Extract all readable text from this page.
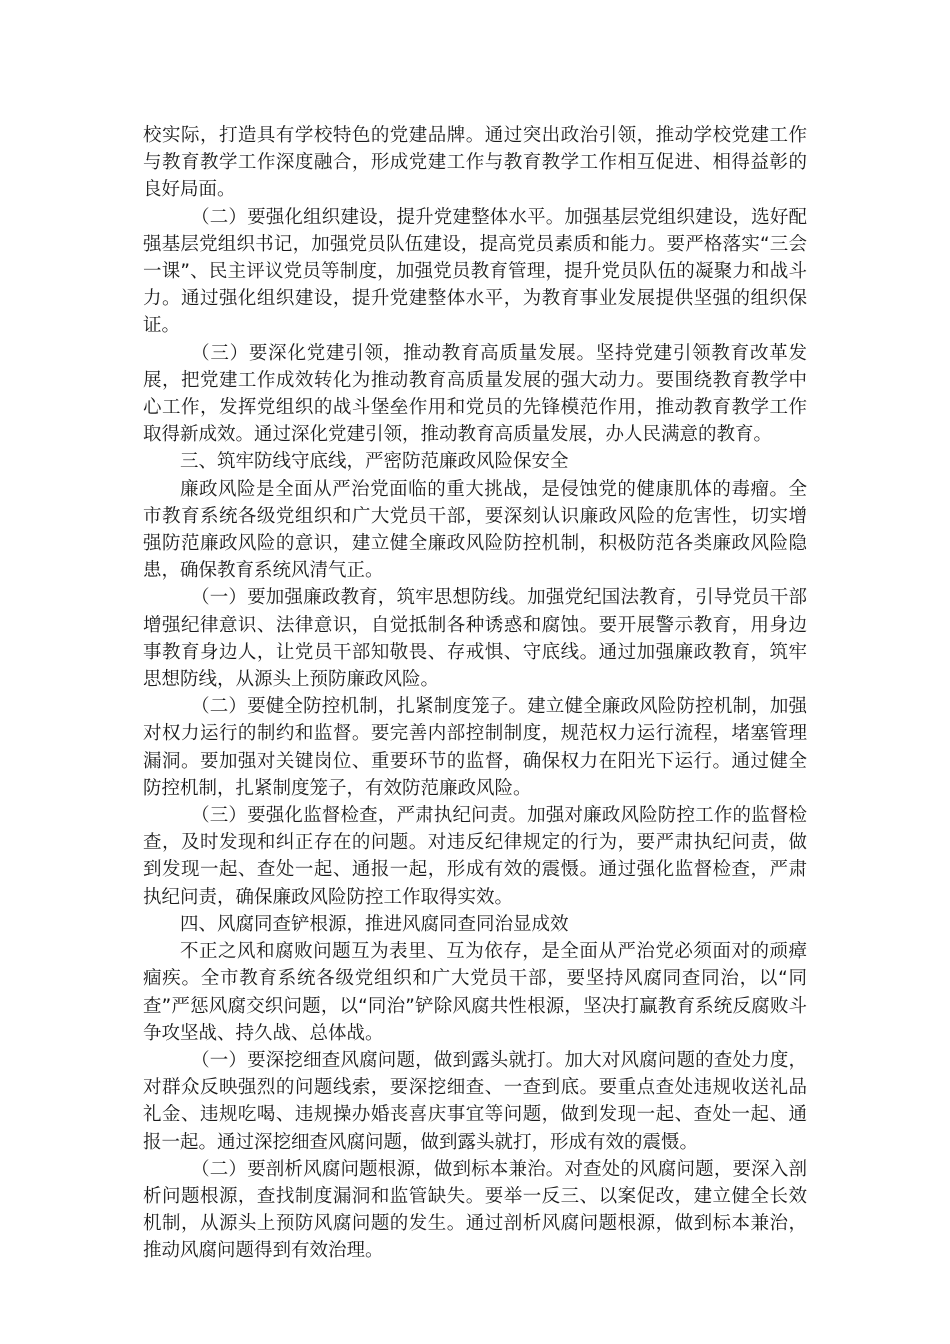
校实际，打造具有学校特色的党建品牌。通过突出政治引领，推动学校党建工作与教育教学工作深度融合，形成党建工作与教育教学工作相互促进、相得益彰的良好局面。

（二）要强化组织建设，提升党建整体水平。加强基层党组织建设，选好配强基层党组织书记，加强党员队伍建设，提高党员素质和能力。要严格落实“三会一课”、民主评议党员等制度，加强党员教育管理，提升党员队伍的凝聚力和战斗力。通过强化组织建设，提升党建整体水平，为教育事业发展提供坚强的组织保证。

（三）要深化党建引领，推动教育高质量发展。坚持党建引领教育改革发展，把党建工作成效转化为推动教育高质量发展的强大动力。要围绕教育教学中心工作，发挥党组织的战斗堡垒作用和党员的先锋模范作用，推动教育教学工作取得新成效。通过深化党建引领，推动教育高质量发展，办人民满意的教育。

三、筑牢防线守底线，严密防范廉政风险保安全

廉政风险是全面从严治党面临的重大挑战，是侵蚀党的健康肌体的毒瘤。全市教育系统各级党组织和广大党员干部，要深刻认识廉政风险的危害性，切实增强防范廉政风险的意识，建立健全廉政风险防控机制，积极防范各类廉政风险隐患，确保教育系统风清气正。

（一）要加强廉政教育，筑牢思想防线。加强党纪国法教育，引导党员干部增强纪律意识、法律意识，自觉抵制各种诱惑和腐蚀。要开展警示教育，用身边事教育身边人，让党员干部知敬畏、存戒惧、守底线。通过加强廉政教育，筑牢思想防线，从源头上预防廉政风险。

（二）要健全防控机制，扎紧制度笼子。建立健全廉政风险防控机制，加强对权力运行的制约和监督。要完善内部控制制度，规范权力运行流程，堵塞管理漏洞。要加强对关键岗位、重要环节的监督，确保权力在阳光下运行。通过健全防控机制，扎紧制度笼子，有效防范廉政风险。

（三）要强化监督检查，严肃执纪问责。加强对廉政风险防控工作的监督检查，及时发现和纠正存在的问题。对违反纪律规定的行为，要严肃执纪问责，做到发现一起、查处一起、通报一起，形成有效的震慑。通过强化监督检查，严肃执纪问责，确保廉政风险防控工作取得实效。

四、风腐同查铲根源，推进风腐同查同治显成效

不正之风和腐败问题互为表里、互为依存，是全面从严治党必须面对的顽瘴痼疾。全市教育系统各级党组织和广大党员干部，要坚持风腐同查同治，以“同查”严惩风腐交织问题，以“同治”铲除风腐共性根源，坚决打赢教育系统反腐败斗争攻坚战、持久战、总体战。

（一）要深挖细查风腐问题，做到露头就打。加大对风腐问题的查处力度，对群众反映强烈的问题线索，要深挖细查、一查到底。要重点查处违规收送礼品礼金、违规吃喝、违规操办婚丧喜庆事宜等问题，做到发现一起、查处一起、通报一起。通过深挖细查风腐问题，做到露头就打，形成有效的震慑。

（二）要剖析风腐问题根源，做到标本兼治。对查处的风腐问题，要深入剖析问题根源，查找制度漏洞和监管缺失。要举一反三、以案促改，建立健全长效机制，从源头上预防风腐问题的发生。通过剖析风腐问题根源，做到标本兼治，推动风腐问题得到有效治理。
